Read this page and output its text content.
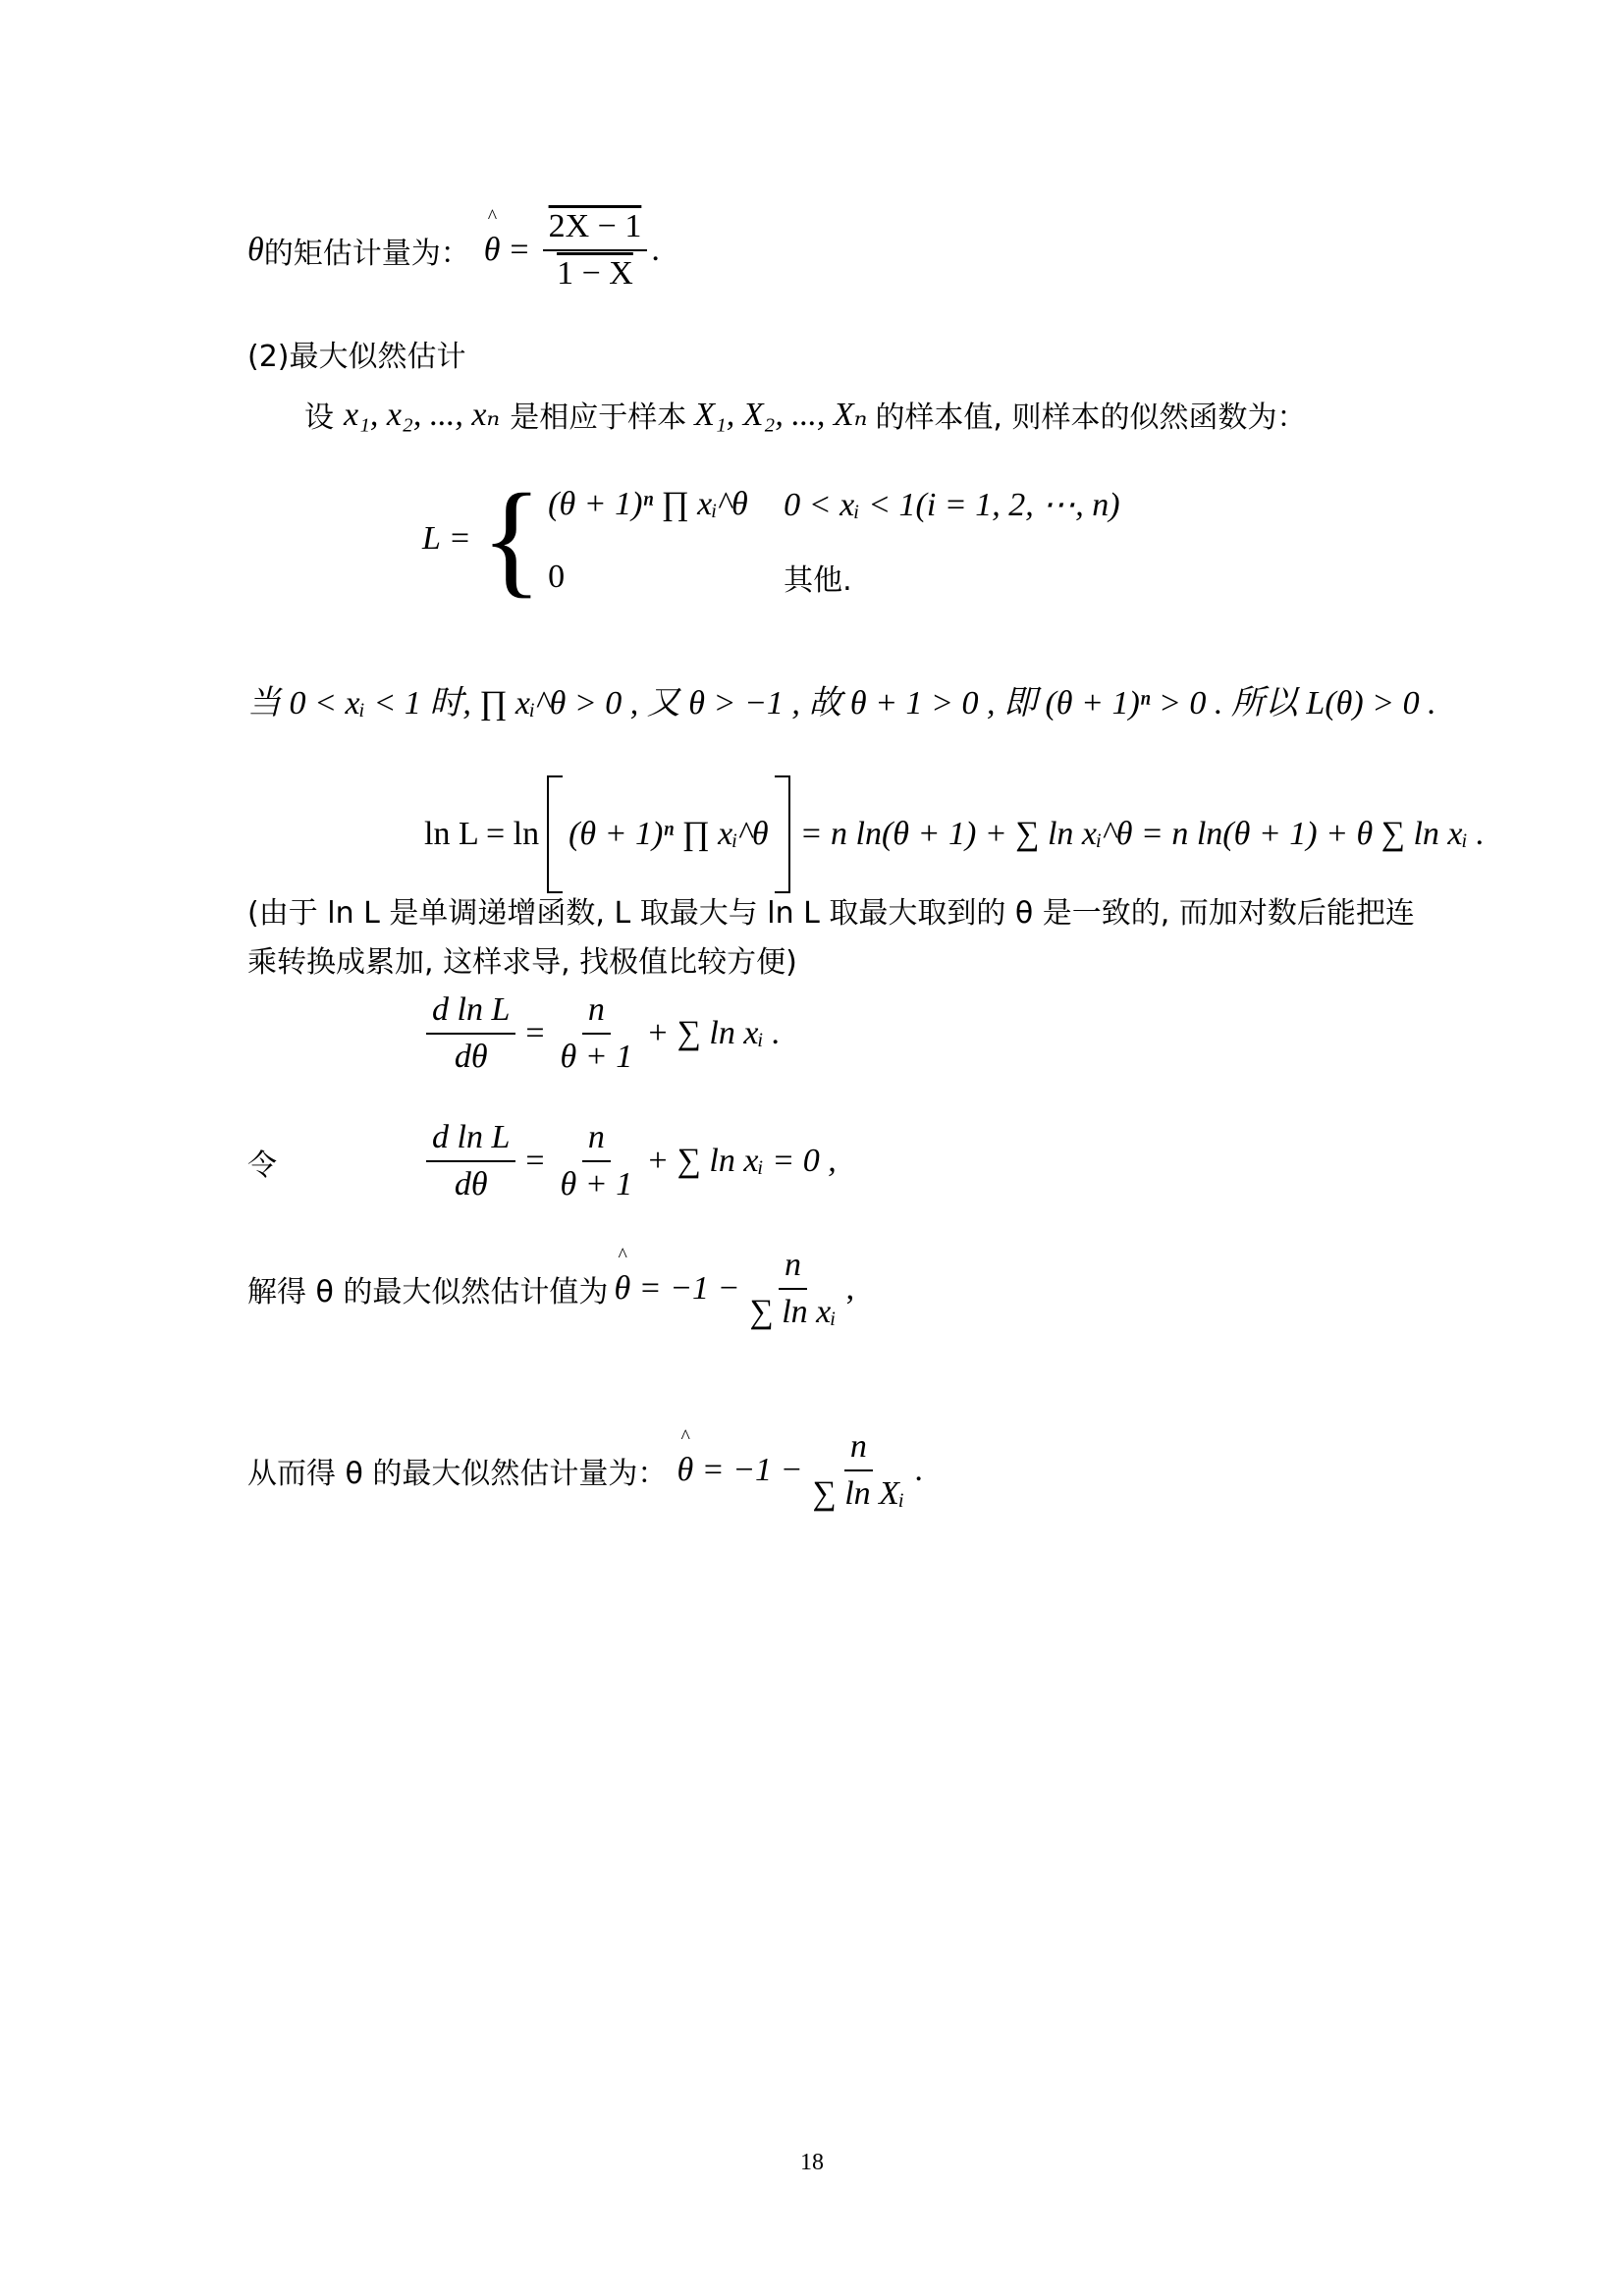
θ 的矩估计量为： ^ $\theta = \frac{2X - 1}{1 - X}$ .
(2)最大似然估计
设 x₁, x₂, ..., xₙ 是相应于样本 X₁, X₂, ..., Xₙ 的样本值, 则样本的似然函数为：
L = { (θ + 1)ⁿ ∏ xᵢ^θ	0 < xᵢ < 1(i = 1, 2, ⋯, n)
0	其他.
当 0 < xᵢ < 1 时, ∏ xᵢ^θ > 0 , 又 θ > −1 , 故 θ + 1 > 0 , 即 (θ + 1)ⁿ > 0 . 所以 L(θ) > 0 .
ln L = ln (θ + 1)ⁿ ∏ xᵢ^θ = n ln(θ + 1) + ∑ ln xᵢ^θ = n ln(θ + 1) + θ ∑ ln xᵢ .
(由于 ln L 是单调递增函数, L 取最大与 ln L 取最大取到的 θ 是一致的, 而加对数后能把连
乘转换成累加, 这样求导, 找极值比较方便)
$\frac{\text{d ln L}}{d\theta} = \frac{n}{\theta + 1}$ + ∑ ln xᵢ .
令	$\frac{\text{d ln L}}{d\theta} = \frac{n}{\theta + 1}$ + ∑ ln xᵢ = 0 ,
解得 θ 的最大似然估计值为 ^ $\theta = -1 - \frac{n}{\text{∑ ln xᵢ}}$ ,
从而得 θ 的最大似然估计量为： ^ $\theta = -1 - \frac{n}{\text{∑ ln Xᵢ}}$ .
18
